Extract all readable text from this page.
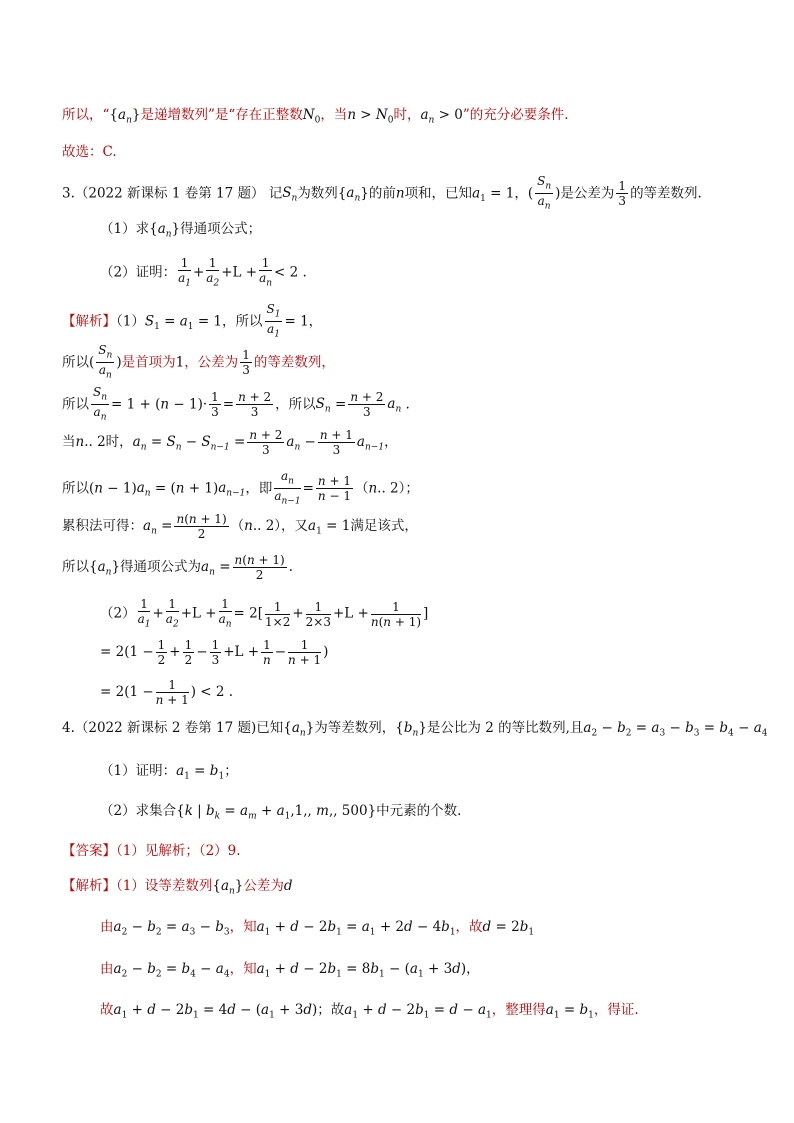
所以，“$\{a_n\}$是递增数列”是“存在正整数$N_0$，当$n > N_0$时，$a_n > 0$”的充分必要条件.
故选：C.
3.（2022 新课标 1 卷第 17 题） 记$S_n$为数列$\{a_n\}$的前n项和，已知$a_1 = 1$，( $\frac{S_n}{a_n}$ )是公差为 $\frac{1}{3}$ 的等差数列.
（1）求$\{a_n\}$得通项公式；
（2）证明： $\frac{1}{a_1} + \frac{1}{a_2} +L + \frac{1}{a_n} < 2$ .
【解析】$(1)S_1 = a_1 = 1$，所以 $\frac{S_1}{a_1} = 1$，
所以( $\frac{S_n}{a_n}$ )是首项为1，公差为 $\frac{1}{3}$ 的等差数列，
所以 $\frac{S_n}{a_n} = 1 + (n - 1)\cdot \frac{1}{3} = \frac{n + 2}{3}$ ，所以$S_n = \frac{n + 2}{3} a_n$ .
当n.. 2时，$a_n = S_n - S_{n-1} = \frac{n + 2}{3} a_n - \frac{n + 1}{3} a_{n-1}$，
所以$(n - 1)a_n = (n + 1)a_{n-1}$，即 $\frac{a_n}{a_{n-1}} = \frac{n + 1}{n - 1} (n$.. 2）；
累积法可得：$a_n = \frac{n(n + 1)}{2} (n$.. 2），又$a_1 = 1$满足该式，
所以$\{a_n\}$得通项公式为$a_n = \frac{n(n + 1)}{2}$ .
$(2) \frac{1}{a_1} + \frac{1}{a_2} +L + \frac{1}{a_n} = 2[ \frac{1}{1\times 2} + \frac{1}{2\times 3} +L + \frac{1}{n(n + 1)}$ ]
= $2(1 - \frac{1}{2} + \frac{1}{2} - \frac{1}{3} +L + \frac{1}{n} - \frac{1}{n + 1}$ )
= $2(1 - \frac{1}{n + 1}$ ) < 2 .
4.（2022 新课标 2 卷第 17 题)已知$\{a_n\}$为等差数列，$\{b_n\}$是公比为 2 的等比数列,且$a_2 - b_2 = a_3 - b_3 = b_4 - a_4$
（1）证明：$a_1 = b_1$；
（2）求集合{k | $b_k = a_m + a_1,1$,, m,, 500}中元素的个数.
【答案】（1）见解析；（2）9.
【解析】（1）设等差数列$\{a_n\}$公差为d
由$a_2 - b_2 = a_3 - b_3$，知$a_1 + d - 2b_1 = a_1 + 2d - 4b_1$，故$d = 2b_1$
由$a_2 - b_2 = b_4 - a_4$，知$a_1 + d - 2b_1 = 8b_1 - (a_1 + 3d)$，
故$a_1 + d - 2b_1 = 4d - (a_1 + 3d)$；故$a_1 + d - 2b_1 = d - a_1$，整理得$a_1 = b_1$，得证.
